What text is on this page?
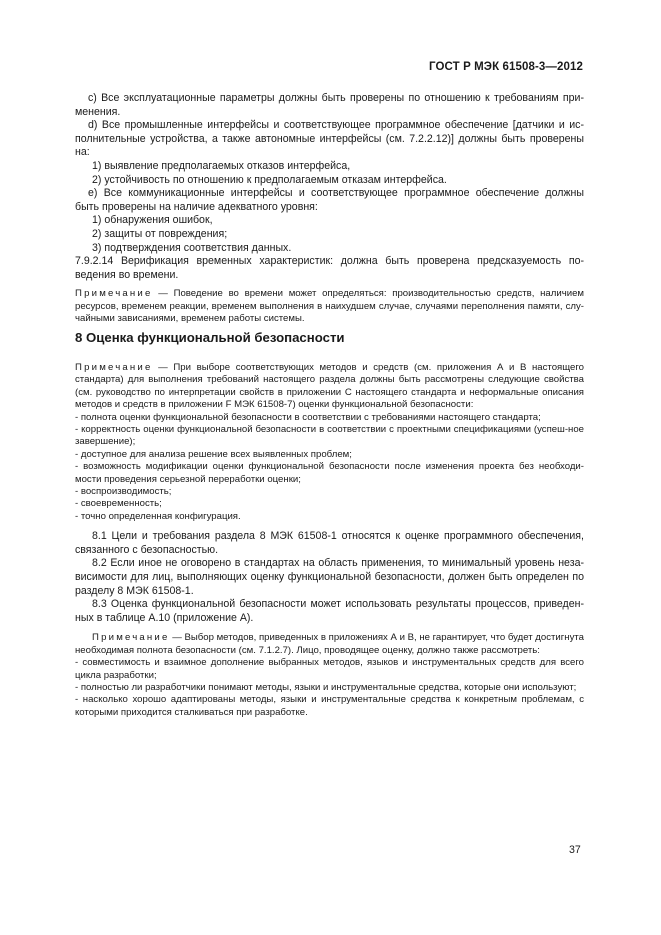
ГОСТ Р МЭК 61508-3—2012

c) Все эксплуатационные параметры должны быть проверены по отношению к требованиям при-менения.

d) Все промышленные интерфейсы и соответствующее программное обеспечение [датчики и ис-полнительные устройства, а также автономные интерфейсы (см. 7.2.2.12)] должны быть проверены на:

1) выявление предполагаемых отказов интерфейса,

2) устойчивость по отношению к предполагаемым отказам интерфейса.

e) Все коммуникационные интерфейсы и соответствующее программное обеспечение должны быть проверены на наличие адекватного уровня:

1) обнаружения ошибок,

2) защиты от повреждения;

3) подтверждения соответствия данных.

7.9.2.14 Верификация временных характеристик: должна быть проверена предсказуемость по-ведения во времени.

Примечание — Поведение во времени может определяться: производительностью средств, наличием ресурсов, временем реакции, временем выполнения в наихудшем случае, случаями переполнения памяти, слу-чайными зависаниями, временем работы системы.

8 Оценка функциональной безопасности

Примечание — При выборе соответствующих методов и средств (см. приложения А и В настоящего стандарта) для выполнения требований настоящего раздела должны быть рассмотрены следующие свойства (см. руководство по интерпретации свойств в приложении С настоящего стандарта и неформальные описания методов и средств в приложении F МЭК 61508-7) оценки функциональной безопасности:

- полнота оценки функциональной безопасности в соответствии с требованиями настоящего стандарта;

- корректность оценки функциональной безопасности в соответствии с проектными спецификациями (успеш-ное завершение);

- доступное для анализа решение всех выявленных проблем;

- возможность модификации оценки функциональной безопасности после изменения проекта без необходи-мости проведения серьезной переработки оценки;

- воспроизводимость;

- своевременность;

- точно определенная конфигурация.

8.1 Цели и требования раздела 8 МЭК 61508-1 относятся к оценке программного обеспечения, связанного с безопасностью.

8.2 Если иное не оговорено в стандартах на область применения, то минимальный уровень неза-висимости для лиц, выполняющих оценку функциональной безопасности, должен быть определен по разделу 8 МЭК 61508-1.

8.3 Оценка функциональной безопасности может использовать результаты процессов, приведен-ных в таблице А.10 (приложение А).

Примечание — Выбор методов, приведенных в приложениях А и В, не гарантирует, что будет достигнута необходимая полнота безопасности (см. 7.1.2.7). Лицо, проводящее оценку, должно также рассмотреть:

- совместимость и взаимное дополнение выбранных методов, языков и инструментальных средств для всего цикла разработки;

- полностью ли разработчики понимают методы, языки и инструментальные средства, которые они используют;

- насколько хорошо адаптированы методы, языки и инструментальные средства к конкретным проблемам, с которыми приходится сталкиваться при разработке.

37
